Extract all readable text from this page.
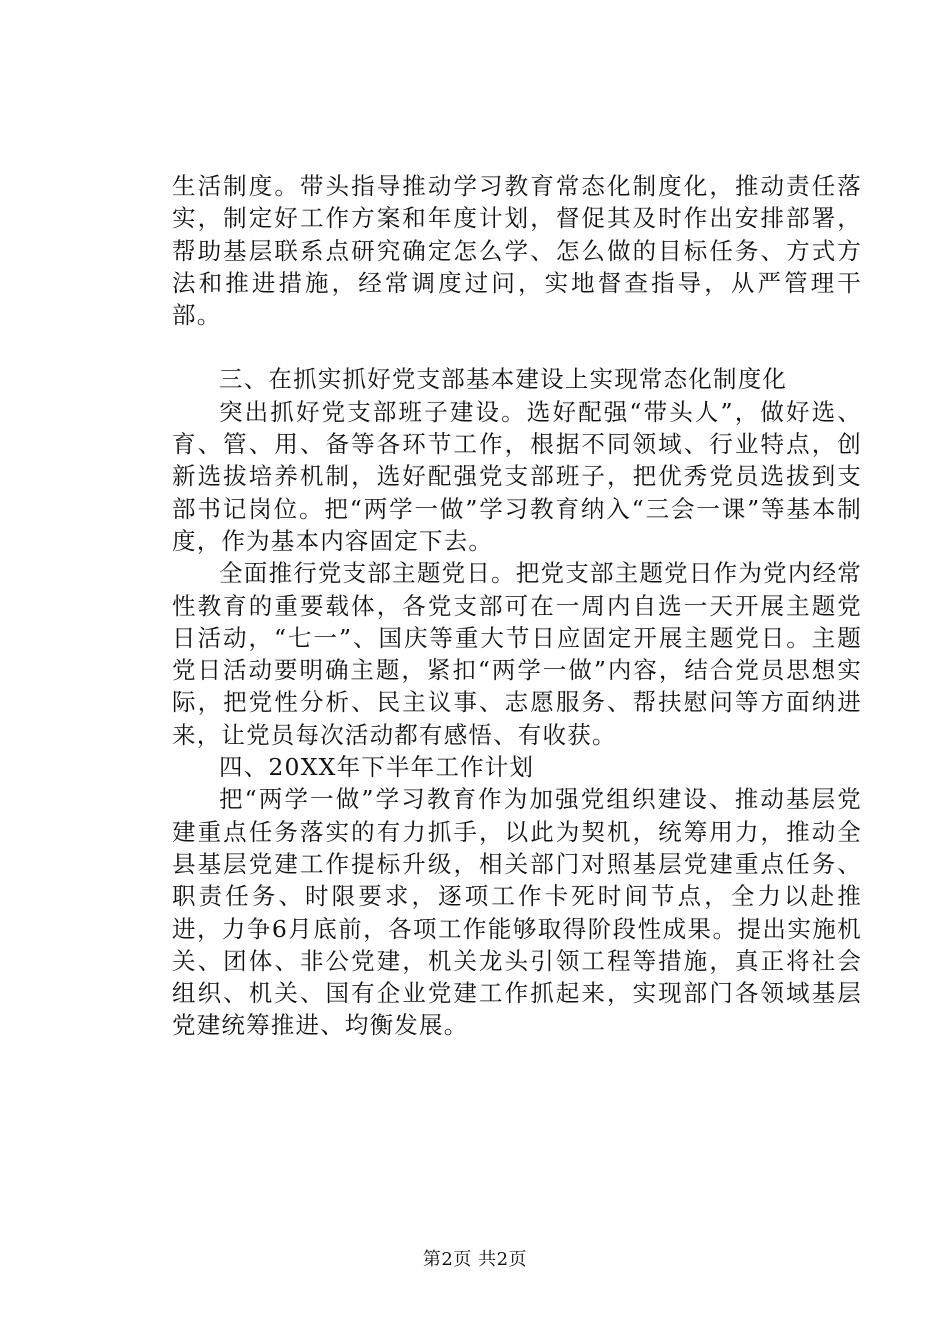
生活制度。带头指导推动学习教育常态化制度化，推动责任落实，制定好工作方案和年度计划，督促其及时作出安排部署，帮助基层联系点研究确定怎么学、怎么做的目标任务、方式方法和推进措施，经常调度过问，实地督查指导，从严管理干部。

三、在抓实抓好党支部基本建设上实现常态化制度化

突出抓好党支部班子建设。选好配强“带头人”，做好选、育、管、用、备等各环节工作，根据不同领域、行业特点，创新选拔培养机制，选好配强党支部班子，把优秀党员选拔到支部书记岗位。把“两学一做”学习教育纳入“三会一课”等基本制度，作为基本内容固定下去。

全面推行党支部主题党日。把党支部主题党日作为党内经常性教育的重要载体，各党支部可在一周内自选一天开展主题党日活动，“七一”、国庆等重大节日应固定开展主题党日。主题党日活动要明确主题，紧扣“两学一做”内容，结合党员思想实际，把党性分析、民主议事、志愿服务、帮扶慰问等方面纳进来，让党员每次活动都有感悟、有收获。

四、20XX年下半年工作计划

把“两学一做”学习教育作为加强党组织建设、推动基层党建重点任务落实的有力抓手，以此为契机，统筹用力，推动全县基层党建工作提标升级，相关部门对照基层党建重点任务、职责任务、时限要求，逐项工作卡死时间节点，全力以赴推进，力争6月底前，各项工作能够取得阶段性成果。提出实施机关、团体、非公党建，机关龙头引领工程等措施，真正将社会组织、机关、国有企业党建工作抓起来，实现部门各领域基层党建统筹推进、均衡发展。

第2页 共2页
